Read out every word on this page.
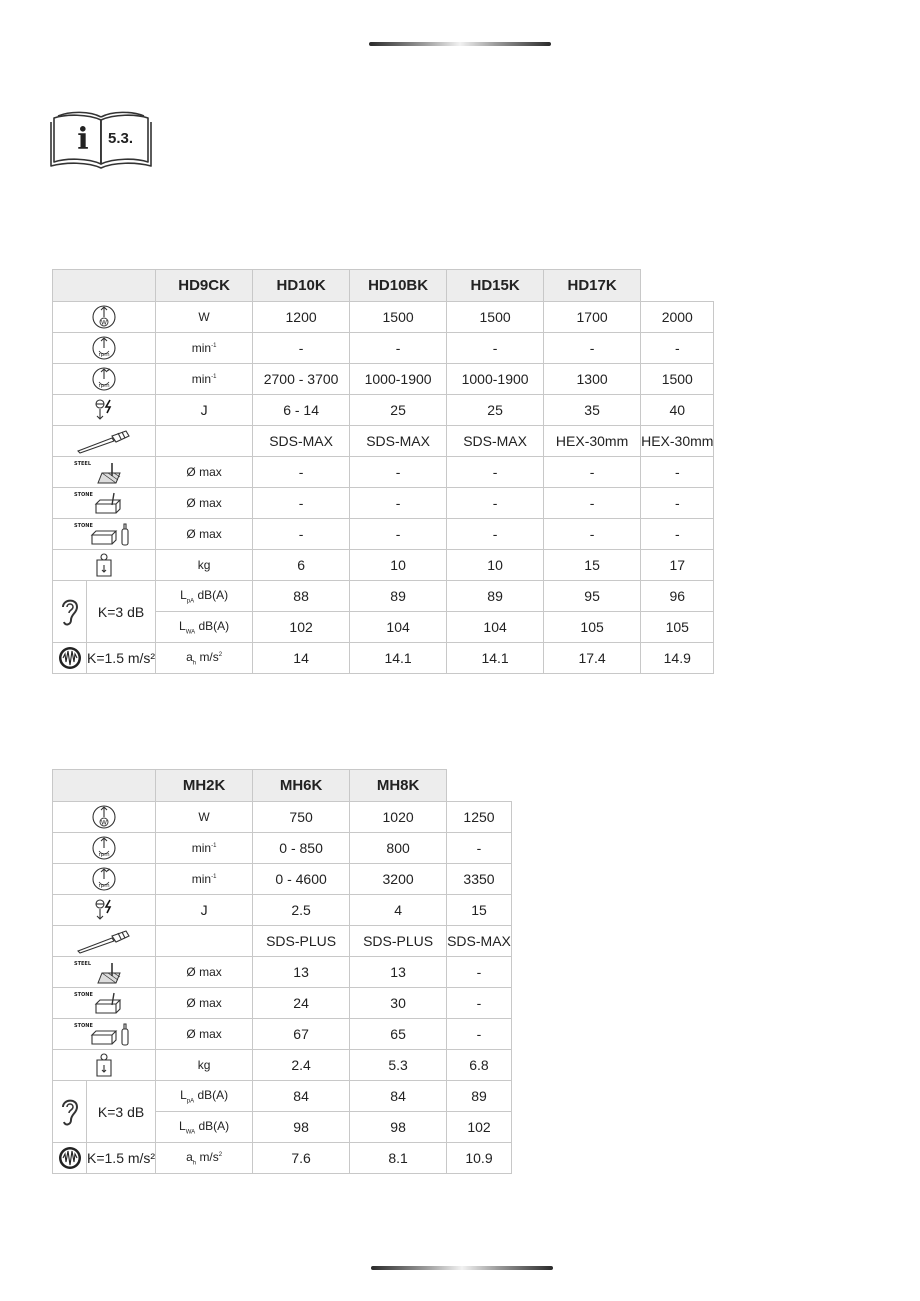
i 5.3.
		HD9CK	HD10K	HD10BK	HD15K	HD17K	

W		W	1200	1500	1500	1700	2000

rpm		$\min^{-1}$	-	-	-	-	-

rpm		$\min^{-1}$	2700 - 3700	1000-1900	1000-1900	1300	1500

	J	6 - 14	25	25	35	40

		SDS-MAX	SDS-MAX	SDS-MAX	HEX-30mm	HEX-30mm

STEEL		Ø max	-	-	-	-	-

STONE		Ø max	-	-	-	-	-

STONE		Ø max	-	-	-	-	-

	kg	6	10	10	15	17

	K=3 dB	$L_{pA}$ dB(A)	88	89	89	95	96
		$L_{WA}$ dB(A)	102	104	104	105	105

	K=1.5 m/s²	$a_h$ $m/s^2$	14	14.1	14.1	17.4	14.9
		MH2K	MH6K	MH8K	

W		W	750	1020	1250

rpm		$\min^{-1}$	0 - 850	800	-

rpm		$\min^{-1}$	0 - 4600	3200	3350

	J	2.5	4	15

		SDS-PLUS	SDS-PLUS	SDS-MAX

STEEL		Ø max	13	13	-

STONE		Ø max	24	30	-

STONE		Ø max	67	65	-

	kg	2.4	5.3	6.8

	K=3 dB	$L_{pA}$ dB(A)	84	84	89
		$L_{WA}$ dB(A)	98	98	102

	K=1.5 m/s²	$a_h$ $m/s^2$	7.6	8.1	10.9
